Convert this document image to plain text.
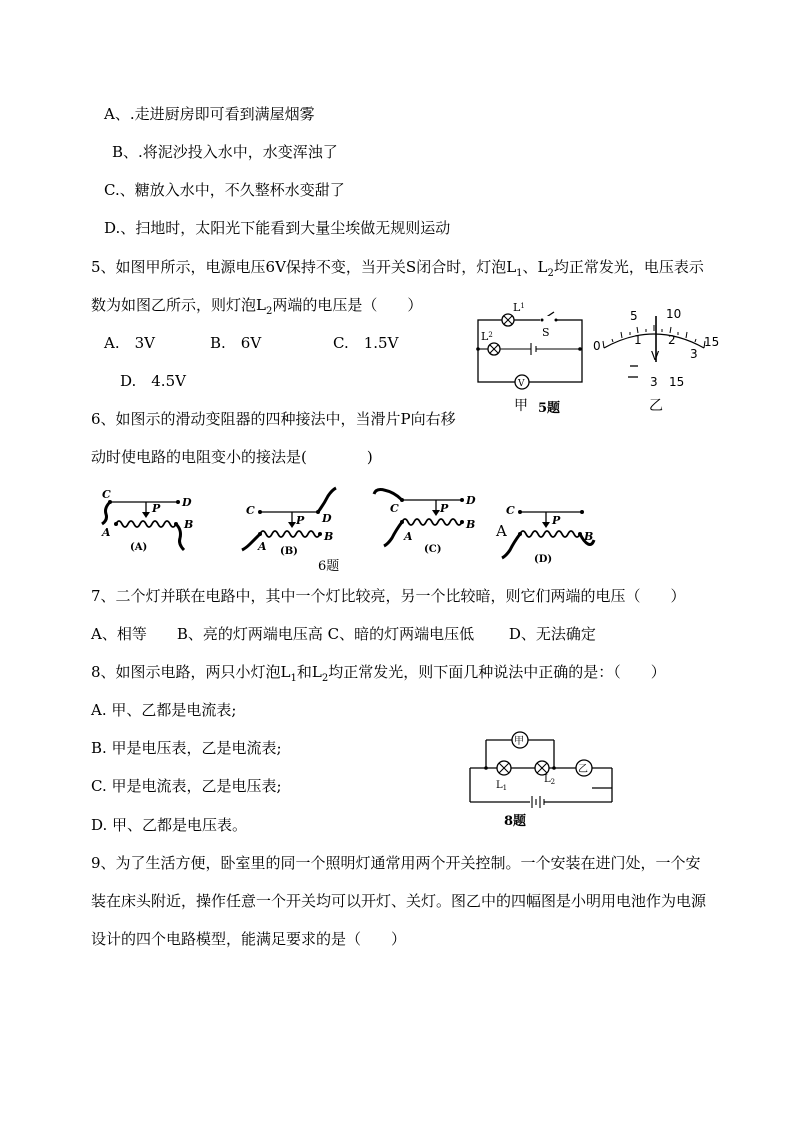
A、.走进厨房即可看到满屋烟雾
B、.将泥沙投入水中，水变浑浊了
C.、糖放入水中，不久整杯水变甜了
D.、扫地时，太阳光下能看到大量尘埃做无规则运动
5、如图甲所示，电源电压6V保持不变，当开关S闭合时，灯泡$L_1$、$L_2$均正常发光，电压表示
数为如图乙所示，则灯泡$L_2$两端的电压是（　　）
A.　3V	B.　6V	C.　1.5V
D.　4.5V
$L^1$
$L^2$	S
V
甲 5题
5 10
15
0	1 2
3
V
3 15
乙
6、如图示的滑动变阻器的四种接法中，当滑片P向右移
动时使电路的电阻变小的接法是(　　　　)
C
D
P
A
B
(A)
C
D
P
A
B
(B)
C
D
P
A
B
(C)
C
P
A	B
(D)
6题
7、二个灯并联在电路中，其中一个灯比较亮，另一个比较暗，则它们两端的电压（　　）
A、相等　　B、亮的灯两端电压高 C、暗的灯两端电压低　　 D、无法确定
8、如图示电路，两只小灯泡$L_1$和$L_2$均正常发光，则下面几种说法中正确的是：（　　）
A. 甲、乙都是电流表;
B. 甲是电压表，乙是电流表;
C. 甲是电流表，乙是电压表;
D. 甲、乙都是电压表。
甲
乙
$L_1$
$L_2$
8题
9、为了生活方便，卧室里的同一个照明灯通常用两个开关控制。一个安装在进门处，一个安
装在床头附近，操作任意一个开关均可以开灯、关灯。图乙中的四幅图是小明用电池作为电源
设计的四个电路模型，能满足要求的是（　　）
